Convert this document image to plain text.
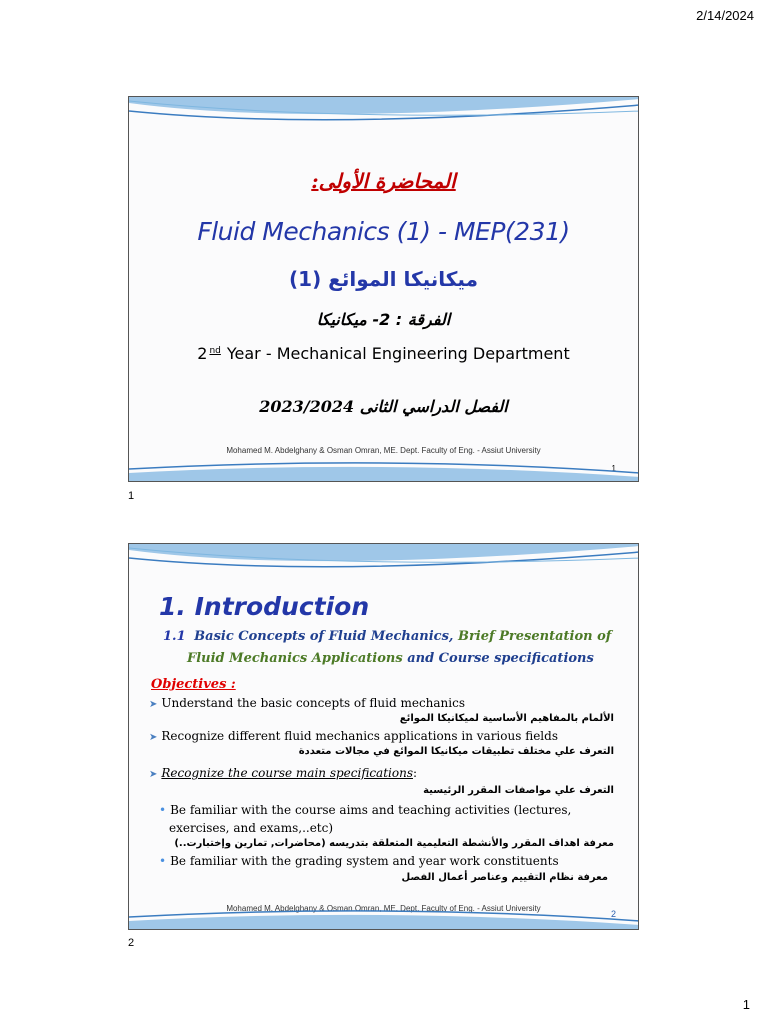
2/14/2024
المحاضرة الأولى:
Fluid Mechanics (1) - MEP(231)
ميكانيكا الموائع (1)
الفرقة : 2- ميكانيكا
2 $^{nd}$ Year - Mechanical Engineering Department
الفصل الدراسي الثانى 2023/2024
Mohamed M. Abdelghany & Osman Omran, ME. Dept. Faculty of Eng. - Assiut University
1
1
1. Introduction
1.1 Basic Concepts of Fluid Mechanics, Brief Presentation of
Fluid Mechanics Applications and Course specifications
Objectives :
➤ Understand the basic concepts of fluid mechanics
الألمام بالمفاهيم الأساسية لميكانيكا الموائع
➤ Recognize different fluid mechanics applications in various fields
التعرف علي مختلف تطبيقات ميكانيكا الموائع في مجالات متعددة
➤ Recognize the course main specifications:
التعرف علي مواصفات المقرر الرئيسية
• Be familiar with the course aims and teaching activities (lectures,
exercises, and exams,..etc)
معرفة اهداف المقرر والأنشطة التعليمية المتعلقة بتدريسه (محاضرات, تمارين وإختبارت..)
• Be familiar with the grading system and year work constituents
معرفة نظام التقييم وعناصر أعمال الفصل
Mohamed M. Abdelghany & Osman Omran, ME. Dept. Faculty of Eng. - Assiut University
2
2
1
